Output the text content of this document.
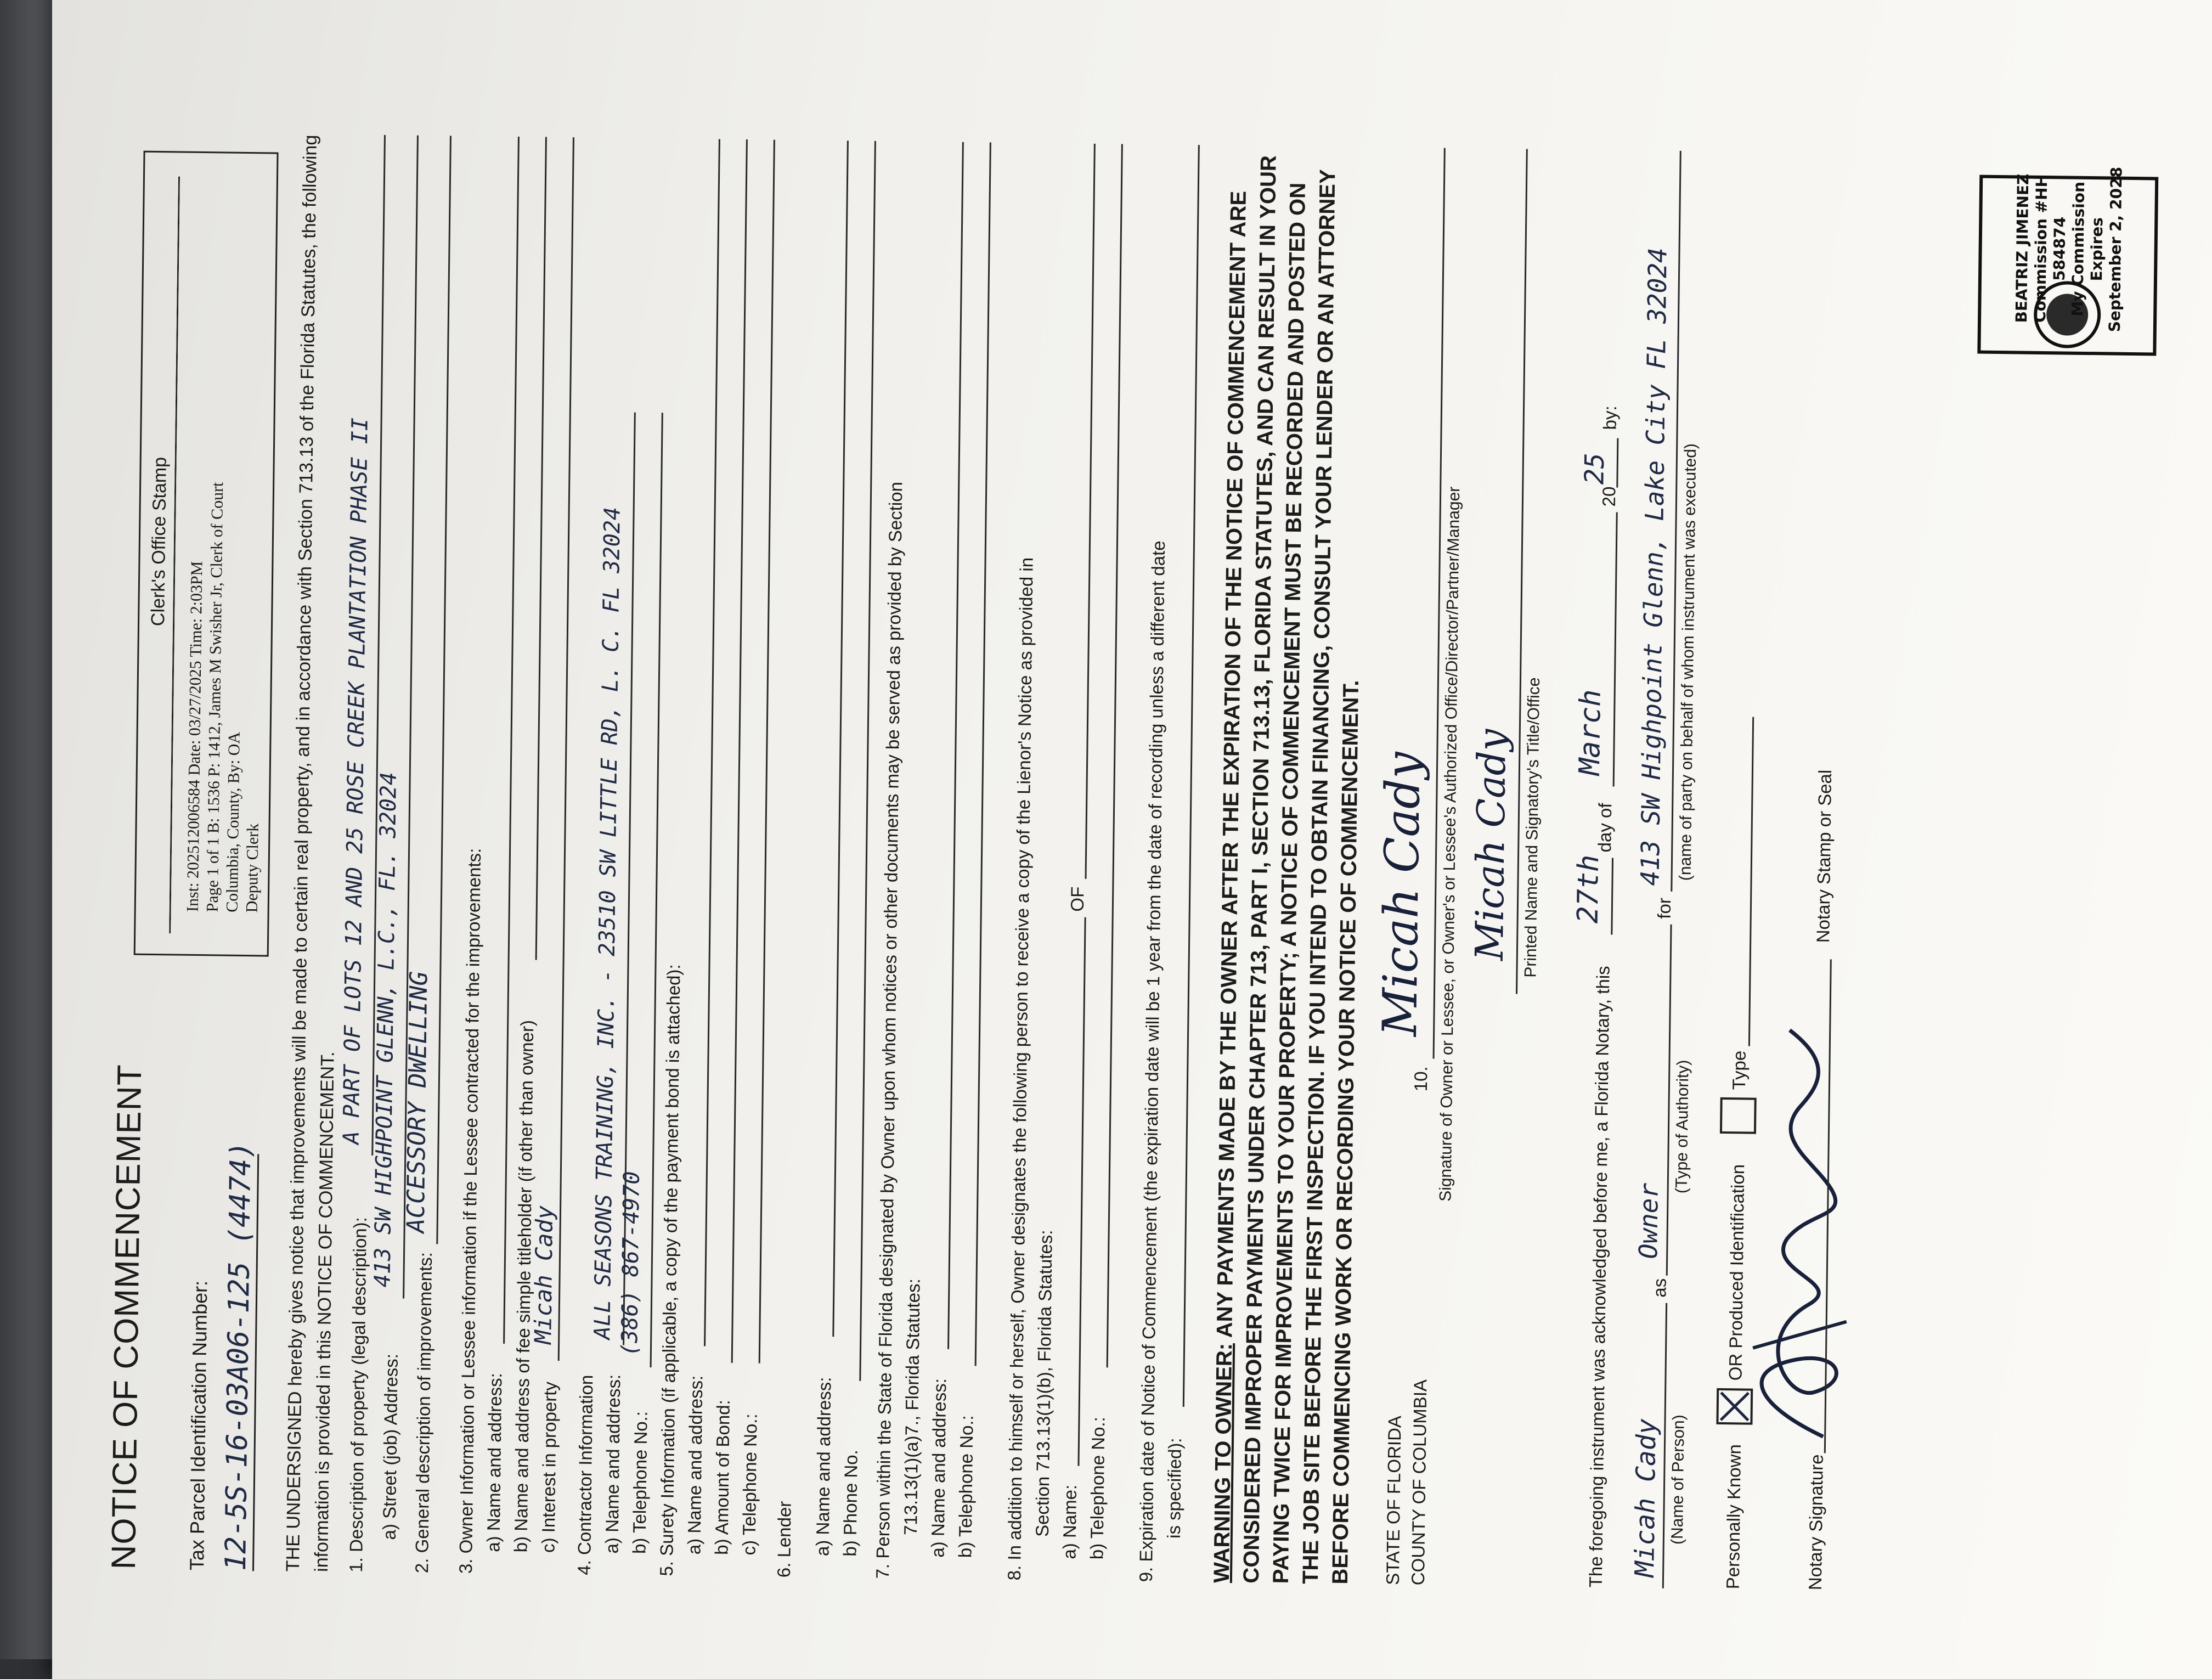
NOTICE OF COMMENCEMENT Tax Parcel Identification Number: 12-5S-16-03A06-125 (4474)
Clerk's Office Stamp
Inst: 202512006584 Date: 03/27/2025 Time: 2:03PM
Page 1 of 1 B: 1536 P: 1412, James M Swisher Jr, Clerk of Court
Columbia, County, By: OA
Deputy Clerk THE UNDERSIGNED hereby gives notice that improvements will be made to certain real property, and in accordance with Section 713.13 of the Florida Statutes, the following information is provided in this NOTICE OF COMMENCEMENT. 1. Description of property (legal description):
A PART OF LOTS 12 AND 25 ROSE CREEK PLANTATION PHASE II
a) Street (job) Address:
413 SW HIGHPOINT GLENN, L.C., FL. 32024
2. General description of improvements:
ACCESSORY DWELLING 3. Owner Information or Lessee information if the Lessee contracted for the improvements:
a) Name and address: b) Name and address of fee simple titleholder (if other than owner) c) Interest in property
Micah Cady
4. Contractor Information a) Name and address:
ALL SEASONS TRAINING, INC. - 23510 SW LITTLE RD, L. C. FL 32024
b) Telephone No.:
(386) 867-4970 5. Surety Information (if applicable, a copy of the payment bond is attached): a) Name and address: b) Amount of Bond: c) Telephone No.: 6. Lender a) Name and address: b) Phone No. 7. Person within the State of Florida designated by Owner upon whom notices or other documents may be served as provided by Section
713.13(1)(a)7., Florida Statutes: a) Name and address: b) Telephone No.: 8. In addition to himself or herself, Owner designates the following person to receive a copy of the Lienor's Notice as provided in
Section 713.13(1)(b), Florida Statutes: a) Name:
OF
b) Telephone No.: 9. Expiration date of Notice of Commencement (the expiration date will be 1 year from the date of recording unless a different date
is specified): WARNING TO OWNER: ANY PAYMENTS MADE BY THE OWNER AFTER THE EXPIRATION OF THE NOTICE OF COMMENCEMENT ARE CONSIDERED IMPROPER PAYMENTS UNDER CHAPTER 713, PART I, SECTION 713.13, FLORIDA STATUTES, AND CAN RESULT IN YOUR PAYING TWICE FOR IMPROVEMENTS TO YOUR PROPERTY; A NOTICE OF COMMENCEMENT MUST BE RECORDED AND POSTED ON THE JOB SITE BEFORE THE FIRST INSPECTION. IF YOU INTEND TO OBTAIN FINANCING, CONSULT YOUR LENDER OR AN ATTORNEY BEFORE COMMENCING WORK OR RECORDING YOUR NOTICE OF COMMENCEMENT.	STATE OF FLORIDA COUNTY OF COLUMBIA
10.
Micah Cady Signature of Owner or Lessee, or Owner's or Lessee's Authorized Office/Director/Partner/Manager Micah Cady Printed Name and Signatory's Title/Office
The foregoing instrument was acknowledged before me, a Florida Notary, this
27th
day of
March
20
25
by:
Micah Cady (Name of Person)
as
Owner
(Type of Authority)
for
413 SW Highpoint Glenn, Lake City FL 32024 (name of party on behalf of whom instrument was executed)
Personally Known
OR Produced Identification
Type
Notary Signature
Notary Stamp or Seal
BEATRIZ JIMENEZ
Commission #HH 584874
My Commission Expires
September 2, 2028
